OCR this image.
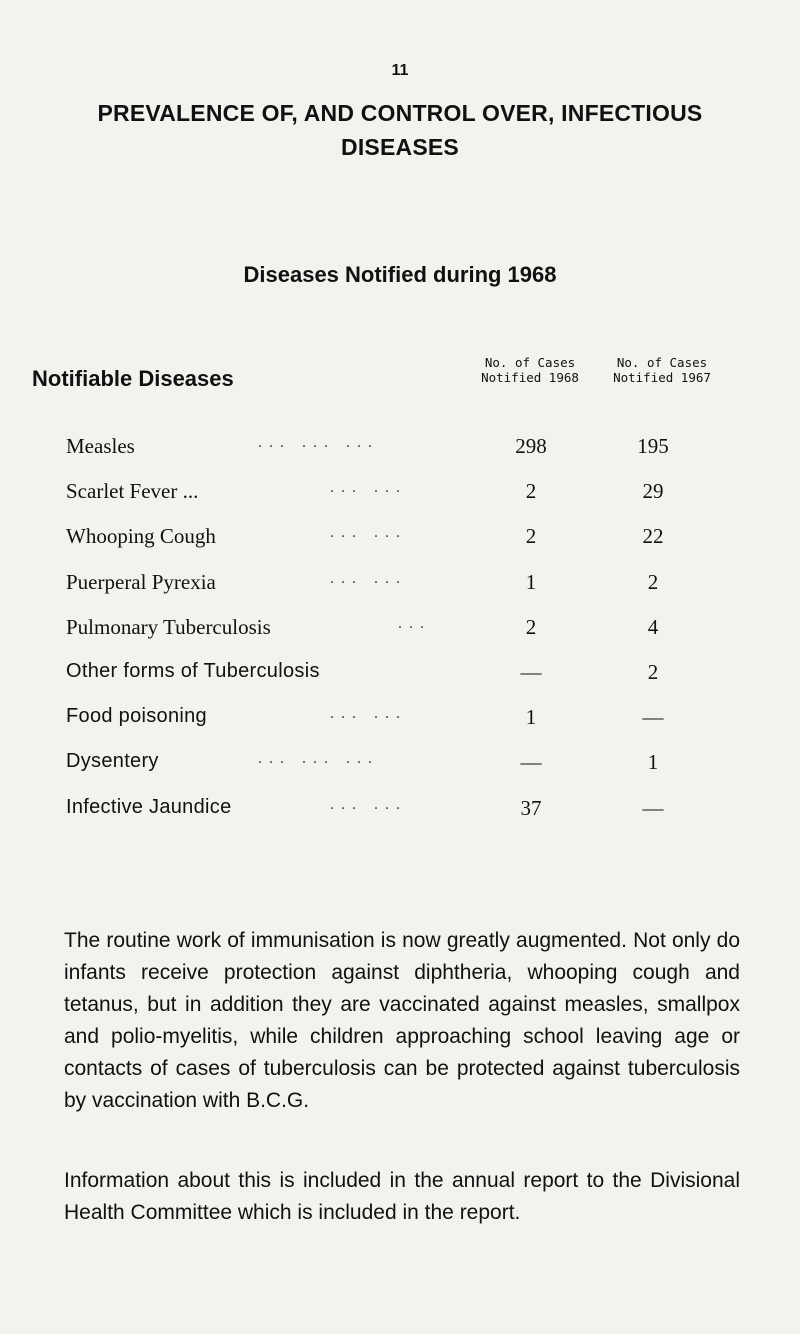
11
PREVALENCE OF, AND CONTROL OVER, INFECTIOUS DISEASES
Diseases Notified during 1968
Notifiable Diseases
No. of Cases
Notified 1968
No. of Cases
Notified 1967
Measles	... ... ...	298	195
Scarlet Fever ...	... ...	2	29
Whooping Cough	... ...	2	22
Puerperal Pyrexia	... ...	1	2
Pulmonary Tuberculosis	...	2	4
Other forms of Tuberculosis	—	2
Food poisoning	... ...	1	—
Dysentery	... ... ...	—	1
Infective Jaundice	... ...	37	—

The routine work of immunisation is now greatly augmented. Not only do infants receive protection against diphtheria, whooping cough and tetanus, but in addition they are vaccinated against measles, smallpox and polio-myelitis, while children approaching school leaving age or contacts of cases of tuberculosis can be protected against tuberculosis by vaccination with B.C.G.

Information about this is included in the annual report to the Divisional Health Committee which is included in the report.
